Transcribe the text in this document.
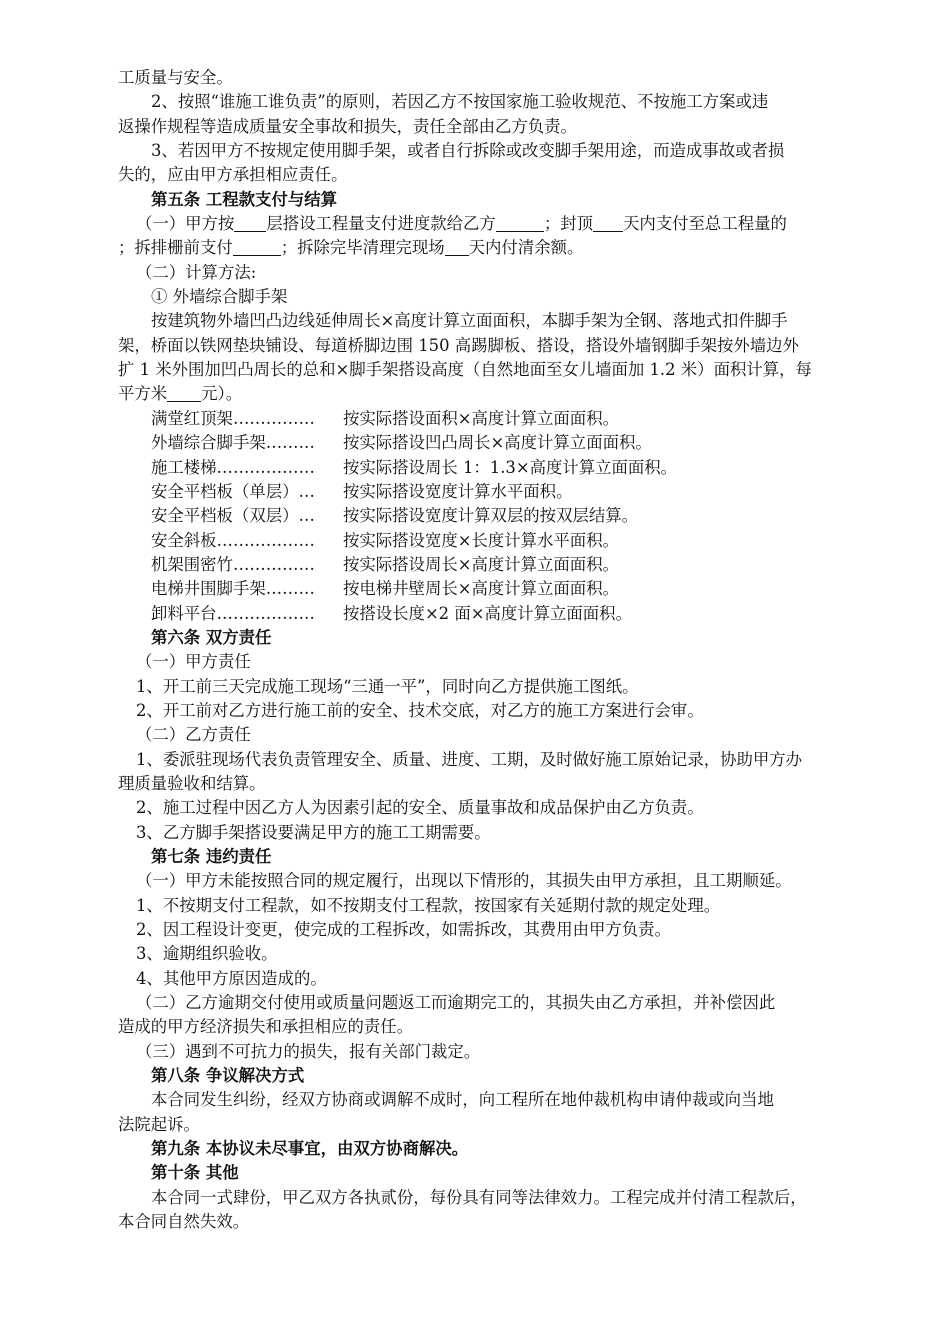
工质量与安全。

2、按照“谁施工谁负责”的原则，若因乙方不按国家施工验收规范、不按施工方案或违

返操作规程等造成质量安全事故和损失，责任全部由乙方负责。

3、若因甲方不按规定使用脚手架，或者自行拆除或改变脚手架用途，而造成事故或者损

失的，应由甲方承担相应责任。

第五条 工程款支付与结算

（一）甲方按 层搭设工程量支付进度款给乙方	；封顶 天内支付至总工程量的

；拆排栅前支付	；拆除完毕清理完现场 天内付清余额。

（二）计算方法:

① 外墙综合脚手架

按建筑物外墙凹凸边线延伸周长×高度计算立面面积，本脚手架为全钢、落地式扣件脚手

架，桥面以铁网垫块铺设、每道桥脚边围 150 高踢脚板、搭设，搭设外墙钢脚手架按外墙边外

扩 1 米外围加凹凸周长的总和×脚手架搭设高度（自然地面至女儿墙面加 1.2 米）面积计算，每

平方米 元）。

满堂红顶架……………	按实际搭设面积×高度计算立面面积。
外墙综合脚手架………	按实际搭设凹凸周长×高度计算立面面积。
施工楼梯………………	按实际搭设周长 1：1.3×高度计算立面面积。
安全平档板（单层）…	按实际搭设宽度计算水平面积。
安全平档板（双层）…	按实际搭设宽度计算双层的按双层结算。
安全斜板………………	按实际搭设宽度×长度计算水平面积。
机架围密竹……………	按实际搭设周长×高度计算立面面积。
电梯井围脚手架………	按电梯井壁周长×高度计算立面面积。
卸料平台………………	按搭设长度×2 面×高度计算立面面积。

第六条 双方责任

（一）甲方责任

1、开工前三天完成施工现场“三通一平”，同时向乙方提供施工图纸。

2、开工前对乙方进行施工前的安全、技术交底，对乙方的施工方案进行会审。

（二）乙方责任

1、委派驻现场代表负责管理安全、质量、进度、工期，及时做好施工原始记录，协助甲方办

理质量验收和结算。

2、施工过程中因乙方人为因素引起的安全、质量事故和成品保护由乙方负责。

3、乙方脚手架搭设要满足甲方的施工工期需要。

第七条 违约责任

（一）甲方未能按照合同的规定履行，出现以下情形的，其损失由甲方承担，且工期顺延。

1、不按期支付工程款，如不按期支付工程款，按国家有关延期付款的规定处理。

2、因工程设计变更，使完成的工程拆改，如需拆改，其费用由甲方负责。

3、逾期组织验收。

4、其他甲方原因造成的。

（二）乙方逾期交付使用或质量问题返工而逾期完工的，其损失由乙方承担，并补偿因此

造成的甲方经济损失和承担相应的责任。

（三）遇到不可抗力的损失，报有关部门裁定。

第八条 争议解决方式

本合同发生纠纷，经双方协商或调解不成时，向工程所在地仲裁机构申请仲裁或向当地

法院起诉。

第九条 本协议未尽事宜，由双方协商解决。

第十条 其他

本合同一式肆份，甲乙双方各执贰份，每份具有同等法律效力。工程完成并付清工程款后，

本合同自然失效。
